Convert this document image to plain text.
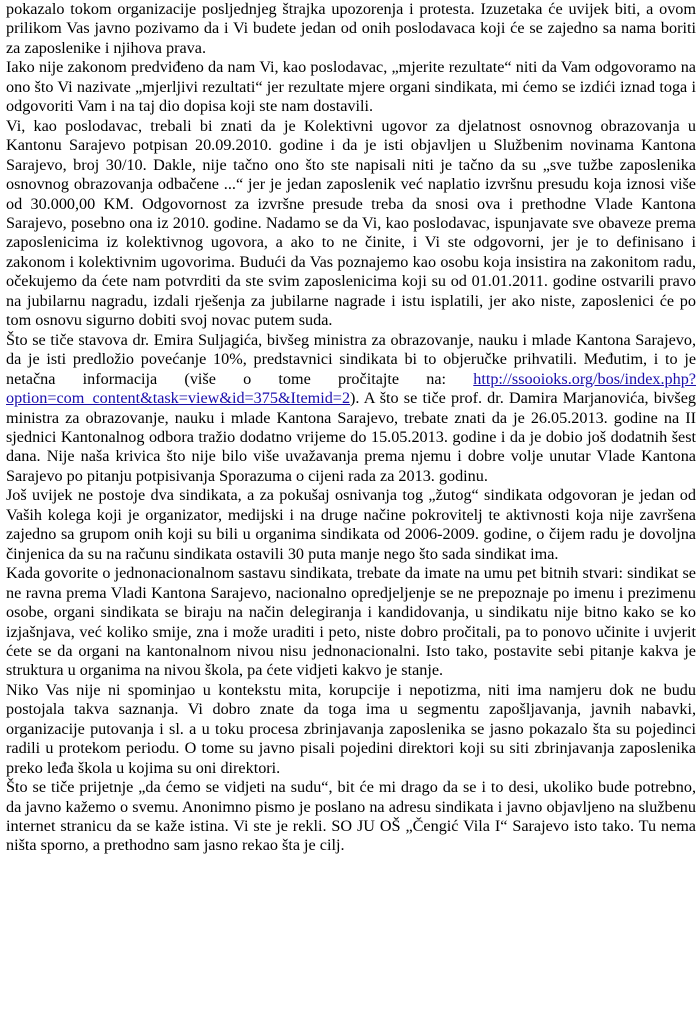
pokazalo tokom organizacije posljednjeg štrajka upozorenja i protesta. Izuzetaka će uvijek biti, a ovom prilikom Vas javno pozivamo da i Vi budete jedan od onih poslodavaca koji će se zajedno sa nama boriti za zaposlenike i njihova prava.

Iako nije zakonom predviđeno da nam Vi, kao poslodavac, „mjerite rezultate“ niti da Vam odgovoramo na ono što Vi nazivate „mjerljivi rezultati“ jer rezultate mjere organi sindikata, mi ćemo se izdići iznad toga i odgovoriti Vam i na taj dio dopisa koji ste nam dostavili.

Vi, kao poslodavac, trebali bi znati da je Kolektivni ugovor za djelatnost osnovnog obrazovanja u Kantonu Sarajevo potpisan 20.09.2010. godine i da je isti objavljen u Službenim novinama Kantona Sarajevo, broj 30/10. Dakle, nije tačno ono što ste napisali niti je tačno da su „sve tužbe zaposlenika osnovnog obrazovanja odbačene ...“ jer je jedan zaposlenik već naplatio izvršnu presudu koja iznosi više od 30.000,00 KM. Odgovornost za izvršne presude treba da snosi ova i prethodne Vlade Kantona Sarajevo, posebno ona iz 2010. godine. Nadamo se da Vi, kao poslodavac, ispunjavate sve obaveze prema zaposlenicima iz kolektivnog ugovora, a ako to ne činite, i Vi ste odgovorni, jer je to definisano i zakonom i kolektivnim ugovorima. Budući da Vas poznajemo kao osobu koja insistira na zakonitom radu, očekujemo da ćete nam potvrditi da ste svim zaposlenicima koji su od 01.01.2011. godine ostvarili pravo na jubilarnu nagradu, izdali rješenja za jubilarne nagrade i istu isplatili, jer ako niste, zaposlenici će po tom osnovu sigurno dobiti svoj novac putem suda.

Što se tiče stavova dr. Emira Suljagića, bivšeg ministra za obrazovanje, nauku i mlade Kantona Sarajevo, da je isti predložio povećanje 10%, predstavnici sindikata bi to objeručke prihvatili. Međutim, i to je netačna informacija (više o tome pročitajte na: http://ssooioks.org/bos/index.php?option=com_content&task=view&id=375&Itemid=2). A što se tiče prof. dr. Damira Marjanovića, bivšeg ministra za obrazovanje, nauku i mlade Kantona Sarajevo, trebate znati da je 26.05.2013. godine na II sjednici Kantonalnog odbora tražio dodatno vrijeme do 15.05.2013. godine i da je dobio još dodatnih šest dana. Nije naša krivica što nije bilo više uvažavanja prema njemu i dobre volje unutar Vlade Kantona Sarajevo po pitanju potpisivanja Sporazuma o cijeni rada za 2013. godinu.

Još uvijek ne postoje dva sindikata, a za pokušaj osnivanja tog „žutog“ sindikata odgovoran je jedan od Vaših kolega koji je organizator, medijski i na druge načine pokrovitelj te aktivnosti koja nije završena zajedno sa grupom onih koji su bili u organima sindikata od 2006-2009. godine, o čijem radu je dovoljna činjenica da su na računu sindikata ostavili 30 puta manje nego što sada sindikat ima.

Kada govorite o jednonacionalnom sastavu sindikata, trebate da imate na umu pet bitnih stvari: sindikat se ne ravna prema Vladi Kantona Sarajevo, nacionalno opredjeljenje se ne prepoznaje po imenu i prezimenu osobe, organi sindikata se biraju na način delegiranja i kandidovanja, u sindikatu nije bitno kako se ko izjašnjava, već koliko smije, zna i može uraditi i peto, niste dobro pročitali, pa to ponovo učinite i uvjerit ćete se da organi na kantonalnom nivou nisu jednonacionalni. Isto tako, postavite sebi pitanje kakva je struktura u organima na nivou škola, pa ćete vidjeti kakvo je stanje.

Niko Vas nije ni spominjao u kontekstu mita, korupcije i nepotizma, niti ima namjeru dok ne budu postojala takva saznanja. Vi dobro znate da toga ima u segmentu zapošljavanja, javnih nabavki, organizacije putovanja i sl. a u toku procesa zbrinjavanja zaposlenika se jasno pokazalo šta su pojedinci radili u protekom periodu. O tome su javno pisali pojedini direktori koji su siti zbrinjavanja zaposlenika preko leđa škola u kojima su oni direktori.

Što se tiče prijetnje „da ćemo se vidjeti na sudu“, bit će mi drago da se i to desi, ukoliko bude potrebno, da javno kažemo o svemu. Anonimno pismo je poslano na adresu sindikata i javno objavljeno na službenu internet stranicu da se kaže istina. Vi ste je rekli. SO JU OŠ „Čengić Vila I“ Sarajevo isto tako. Tu nema ništa sporno, a prethodno sam jasno rekao šta je cilj.
